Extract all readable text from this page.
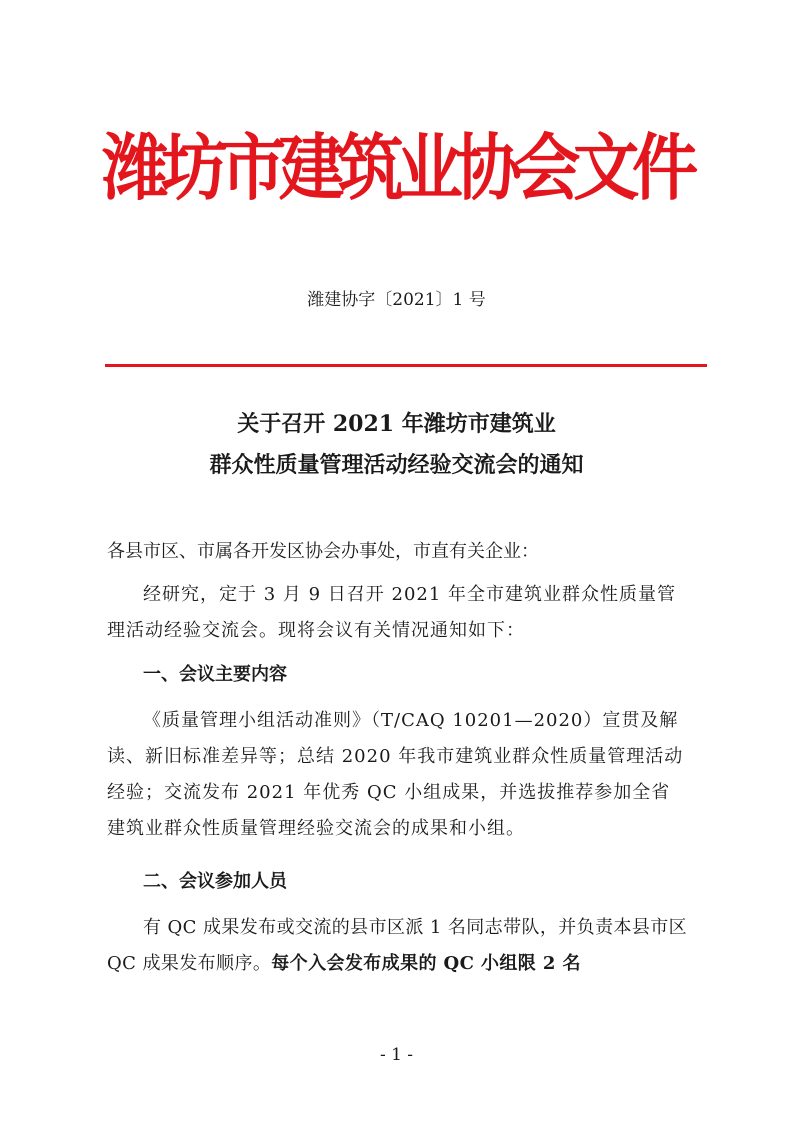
潍坊市建筑业协会文件
潍建协字〔2021〕1 号
关于召开 2021 年潍坊市建筑业
群众性质量管理活动经验交流会的通知

各县市区、市属各开发区协会办事处，市直有关企业：

经研究，定于 3 月 9 日召开 2021 年全市建筑业群众性质量管理活动经验交流会。现将会议有关情况通知如下：

一、会议主要内容

《质量管理小组活动准则》（T/CAQ 10201—2020）宣贯及解读、新旧标准差异等；总结 2020 年我市建筑业群众性质量管理活动经验；交流发布 2021 年优秀 QC 小组成果，并选拔推荐参加全省建筑业群众性质量管理经验交流会的成果和小组。

二、会议参加人员

有 QC 成果发布或交流的县市区派 1 名同志带队，并负责本县市区 QC 成果发布顺序。每个入会发布成果的 QC 小组限 2 名

- 1 -
